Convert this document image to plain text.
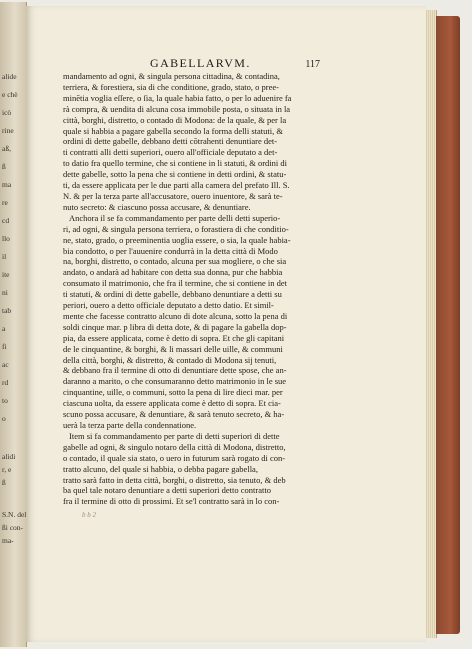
alide
e chè
icò
rine
aß,
ß
ma
re
cd
llo
il
ite
ni
tab
a
fi
ac
rd
to
o
alidi
r, e
ß
S.N. del
ßi con-
ma-
GABELLARVM.	117
mandamento ad ogni, & singula persona cittadina, & contadina,
terriera, & forestiera, sia di che conditione, grado, stato, o pree-
minētia voglia eſſere, o ſia, la quale habia fatto, o per lo aduenire fa
rà compra, & uendita di alcuna cosa immobile posta, o situata in la
città, borghi, distretto, o contado di Modona: de la quale, & per la
quale si habbia a pagare gabella secondo la forma delli statuti, &
ordini di dette gabelle, debbano detti cōtrahenti denuntiare det-
ti contratti alli detti superiori, ouero all'officiale deputato a det-
to datio fra quello termine, che si contiene in li statuti, & ordini di
dette gabelle, sotto la pena che si contiene in detti ordini, & statu-
ti, da essere applicata per le due parti alla camera del prefato Ill. S.
N. & per la terza parte all'accusatore, ouero inuentore, & sarà te-
nuto secreto: & ciascuno possa accusare, & denuntiare.
Anchora il se fa commandamento per parte delli detti superio-
ri, ad ogni, & singula persona terriera, o forastiera di che conditio-
ne, stato, grado, o preeminentia uoglia essere, o sia, la quale habia-
bia condotto, o per l'auuenire condurrà in la detta città di Modo
na, borghi, distretto, o contado, alcuna per sua mogliere, o che sia
andato, o andarà ad habitare con detta sua donna, pur che habbia
consumato il matrimonio, che fra il termine, che si contiene in det
ti statuti, & ordini di dette gabelle, debbano denuntiare a detti su
periori, ouero a detto officiale deputato a detto datio. Et simil-
mente che facesse contratto alcuno di dote alcuna, sotto la pena di
soldi cinque mar. p libra di detta dote, & di pagare la gabella dop-
pia, da essere applicata, come è detto di sopra. Et che gli capitani
de le cinquantine, & borghi, & li massari delle uille, & communi
della città, borghi, & distretto, & contado di Modona sij tenuti,
& debbano fra il termine di otto di denuntiare dette spose, che an-
daranno a marito, o che consumaranno detto matrimonio in le sue
cinquantine, uille, o communi, sotto la pena di lire dieci mar. per
ciascuna uolta, da essere applicata come è detto di sopra. Et cia-
scuno possa accusare, & denuntiare, & sarà tenuto secreto, & ha-
uerà la terza parte della condennatione.
Item si fa commandamento per parte di detti superiori di dette
gabelle ad ogni, & singulo notaro della città di Modona, distretto,
o contado, il quale sia stato, o uero in futurum sarà rogato di con-
tratto alcuno, del quale si habbia, o debba pagare gabella,
tratto sarà fatto in detta città, borghi, o distretto, sia tenuto, & deb
ba quel tale notaro denuntiare a detti superiori detto contratto
fra il termine di otto di prossimi. Et se'l contratto sarà in lo con-
b b 2
